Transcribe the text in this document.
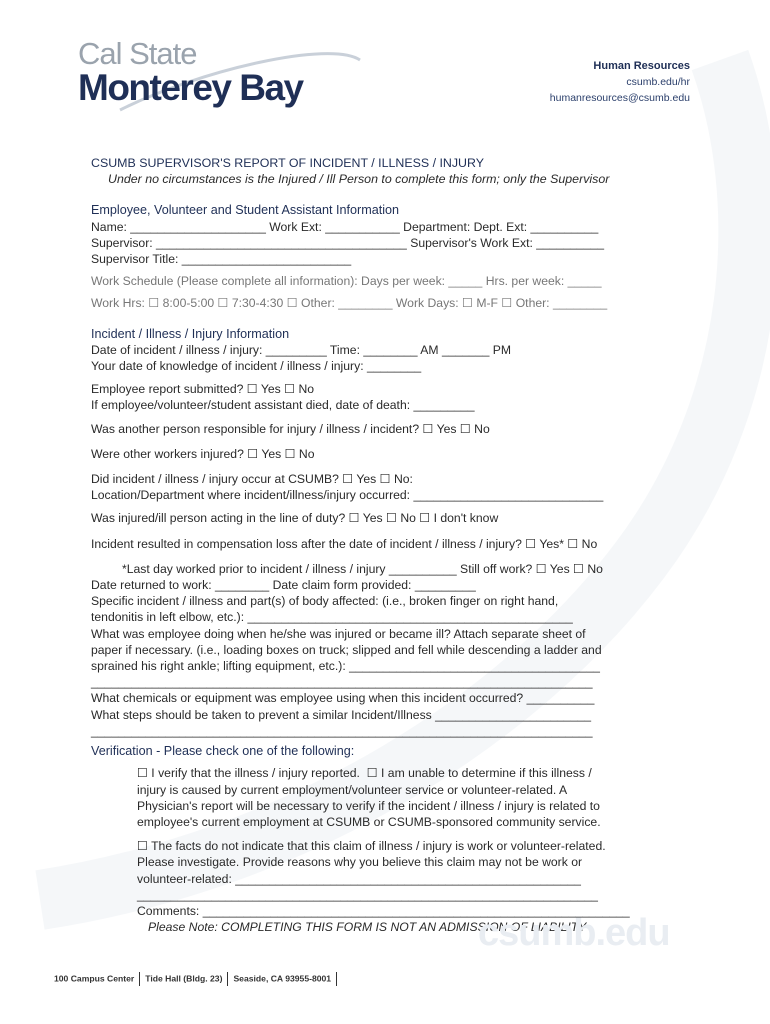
Cal State
Monterey Bay
Human Resources
csumb.edu/hr
humanresources@csumb.edu
CSUMB SUPERVISOR'S REPORT OF INCIDENT / ILLNESS / INJURY
Under no circumstances is the Injured / Ill Person to complete this form; only the Supervisor
Employee, Volunteer and Student Assistant Information
Name: ____________________ Work Ext: ___________ Department: Dept. Ext: __________
Supervisor: _____________________________________ Supervisor's Work Ext: __________
Supervisor Title: _________________________
Work Schedule (Please complete all information): Days per week: _____ Hrs. per week: _____
Work Hrs: ☐ 8:00-5:00 ☐ 7:30-4:30 ☐ Other: ________ Work Days: ☐ M-F ☐ Other: ________
Incident / Illness / Injury Information
Date of incident / illness / injury: _________ Time: ________ AM _______ PM
Your date of knowledge of incident / illness / injury: ________
Employee report submitted? ☐ Yes ☐ No
If employee/volunteer/student assistant died, date of death: _________
Was another person responsible for injury / illness / incident? ☐ Yes ☐ No
Were other workers injured? ☐ Yes ☐ No
Did incident / illness / injury occur at CSUMB? ☐ Yes ☐ No:
Location/Department where incident/illness/injury occurred: ____________________________
Was injured/ill person acting in the line of duty? ☐ Yes ☐ No ☐ I don't know
Incident resulted in compensation loss after the date of incident / illness / injury? ☐ Yes* ☐ No
*Last day worked prior to incident / illness / injury __________ Still off work? ☐ Yes ☐ No
Date returned to work: ________ Date claim form provided: _________
Specific incident / illness and part(s) of body affected: (i.e., broken finger on right hand,
tendonitis in left elbow, etc.): ________________________________________________
What was employee doing when he/she was injured or became ill? Attach separate sheet of
paper if necessary. (i.e., loading boxes on truck; slipped and fell while descending a ladder and
sprained his right ankle; lifting equipment, etc.): _____________________________________
__________________________________________________________________________
What chemicals or equipment was employee using when this incident occurred? __________
What steps should be taken to prevent a similar Incident/Illness _______________________
__________________________________________________________________________
Verification - Please check one of the following:
☐ I verify that the illness / injury reported.  ☐ I am unable to determine if this illness /
injury is caused by current employment/volunteer service or volunteer-related. A
Physician's report will be necessary to verify if the incident / illness / injury is related to
employee's current employment at CSUMB or CSUMB-sponsored community service.
☐ The facts do not indicate that this claim of illness / injury is work or volunteer-related.
Please investigate. Provide reasons why you believe this claim may not be work or
volunteer-related: ___________________________________________________
____________________________________________________________________
Comments: _______________________________________________________________
Please Note: COMPLETING THIS FORM IS NOT AN ADMISSION OF LIABILITY
csumb.edu
100 Campus Center Tide Hall (Bldg. 23) Seaside, CA 93955-8001
